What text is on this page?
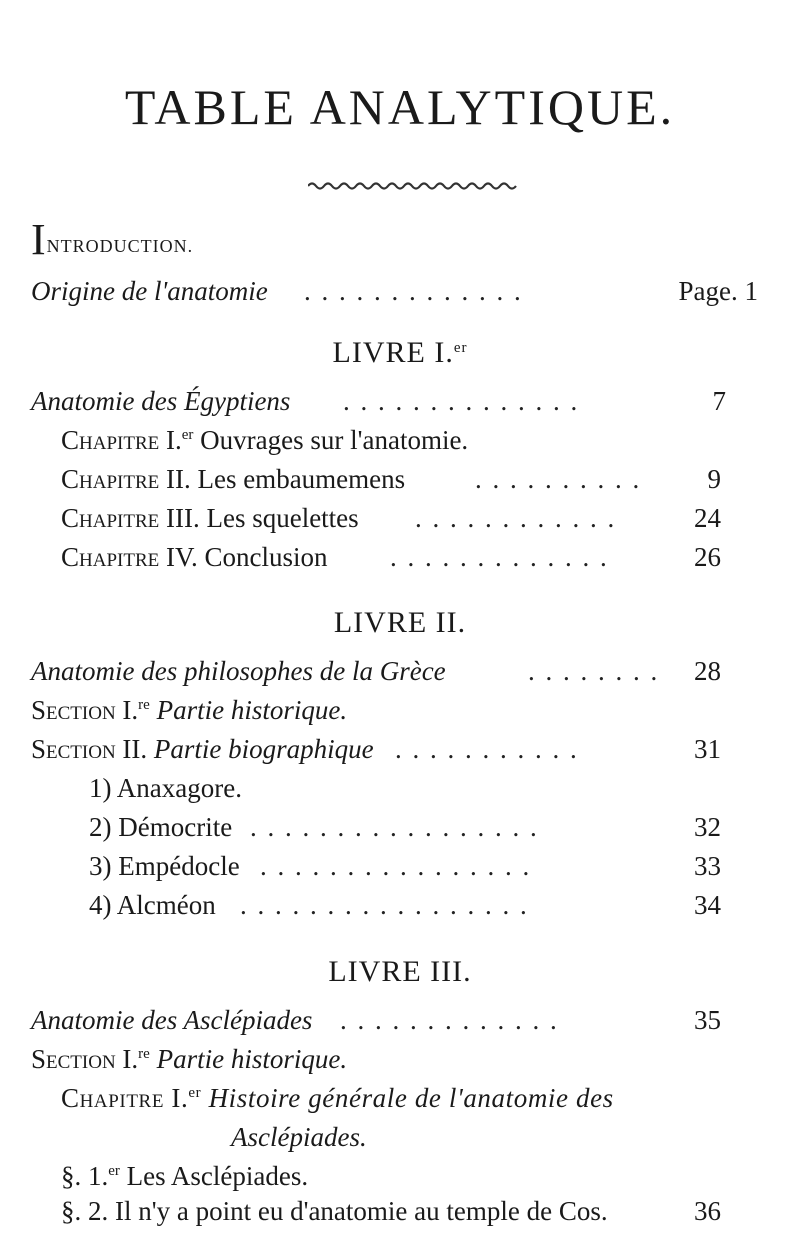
TABLE ANALYTIQUE.
INTRODUCTION.
Origine de l'anatomie . . . . . . . . . . . . .	Page. 1
LIVRE I.$^{er}$
Anatomie des Égyptiens . . . . . . . . . . . . . .	7
Chapitre I.$^{er}$ Ouvrages sur l'anatomie.
Chapitre II. Les embaumemens	. . . . . . . . . . 9
Chapitre III. Les squelettes . . . . . . . . . . . .	24
Chapitre IV. Conclusion . . . . . . . . . . . . .	26
LIVRE II.
Anatomie des philosophes de la Grèce	. . . . . . . . 28
Section I.$^{re}$ Partie historique.
Section II. Partie biographique . . . . . . . . . . .	31
1) Anaxagore.
2) Démocrite . . . . . . . . . . . . . . . . .	32
3) Empédocle . . . . . . . . . . . . . . . .	33
4) Alcméon . . . . . . . . . . . . . . . . .	34
LIVRE III.
Anatomie des Asclépiades . . . . . . . . . . . . .	35
Section I.$^{re}$ Partie historique.
Chapitre I.$^{er}$ Histoire générale de l'anatomie des
Asclépiades.
§. 1.$^{er}$ Les Asclépiades.
§. 2. Il n'y a point eu d'anatomie au temple de Cos.	36
